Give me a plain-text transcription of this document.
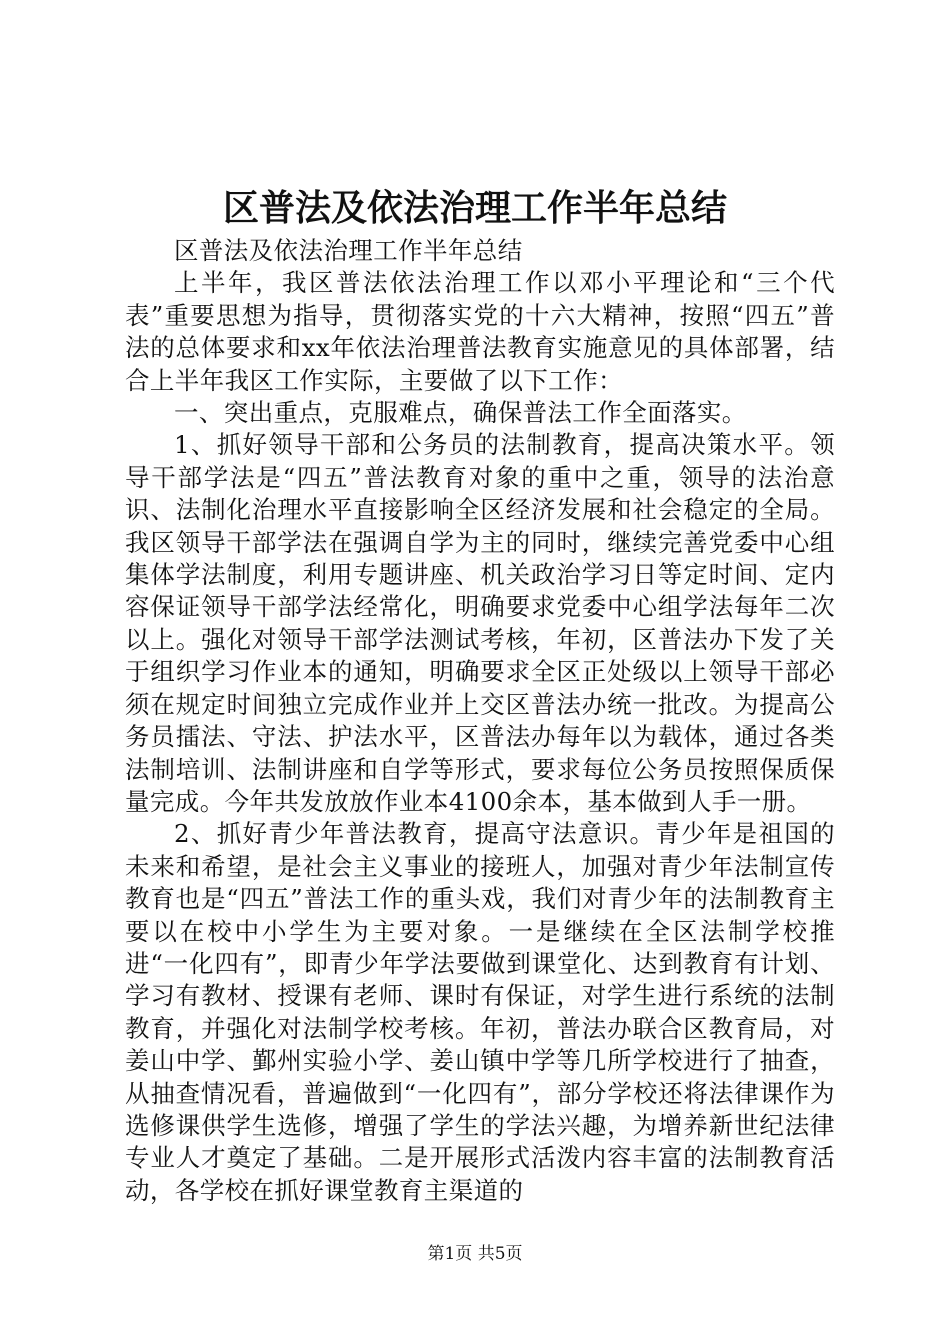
区普法及依法治理工作半年总结

区普法及依法治理工作半年总结

上半年，我区普法依法治理工作以邓小平理论和“三个代表”重要思想为指导，贯彻落实党的十六大精神，按照“四五”普法的总体要求和xx年依法治理普法教育实施意见的具体部署，结合上半年我区工作实际，主要做了以下工作：

一、突出重点，克服难点，确保普法工作全面落实。

1、抓好领导干部和公务员的法制教育，提高决策水平。领导干部学法是“四五”普法教育对象的重中之重，领导的法治意识、法制化治理水平直接影响全区经济发展和社会稳定的全局。我区领导干部学法在强调自学为主的同时，继续完善党委中心组集体学法制度，利用专题讲座、机关政治学习日等定时间、定内容保证领导干部学法经常化，明确要求党委中心组学法每年二次以上。强化对领导干部学法测试考核，年初，区普法办下发了关于组织学习作业本的通知，明确要求全区正处级以上领导干部必须在规定时间独立完成作业并上交区普法办统一批改。为提高公务员擂法、守法、护法水平，区普法办每年以为载体，通过各类法制培训、法制讲座和自学等形式，要求每位公务员按照保质保量完成。今年共发放放作业本4100余本，基本做到人手一册。

2、抓好青少年普法教育，提高守法意识。青少年是祖国的未来和希望，是社会主义事业的接班人，加强对青少年法制宣传教育也是“四五”普法工作的重头戏，我们对青少年的法制教育主要以在校中小学生为主要对象。一是继续在全区法制学校推进“一化四有”，即青少年学法要做到课堂化、达到教育有计划、学习有教材、授课有老师、课时有保证，对学生进行系统的法制教育，并强化对法制学校考核。年初，普法办联合区教育局，对姜山中学、鄞州实验小学、姜山镇中学等几所学校进行了抽查，从抽查情况看，普遍做到“一化四有”，部分学校还将法律课作为选修课供学生选修，增强了学生的学法兴趣，为增养新世纪法律专业人才奠定了基础。二是开展形式活泼内容丰富的法制教育活动，各学校在抓好课堂教育主渠道的

第1页 共5页
